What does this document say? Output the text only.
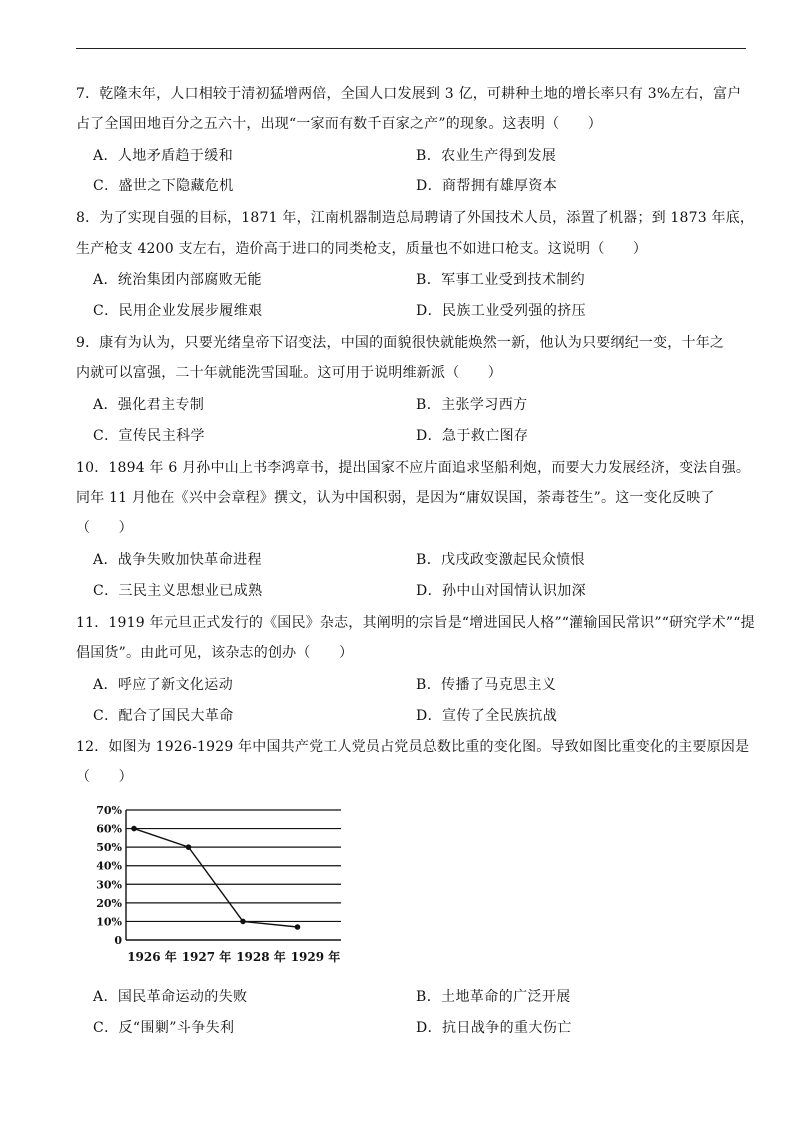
7．乾隆末年，人口相较于清初猛增两倍，全国人口发展到 3 亿，可耕种土地的增长率只有 3%左右，富户
占了全国田地百分之五六十，出现“一家而有数千百家之产”的现象。这表明（　　）
A．人地矛盾趋于缓和	B．农业生产得到发展
C．盛世之下隐藏危机	D．商帮拥有雄厚资本
8．为了实现自强的目标，1871 年，江南机器制造总局聘请了外国技术人员，添置了机器；到 1873 年底，
生产枪支 4200 支左右，造价高于进口的同类枪支，质量也不如进口枪支。这说明（　　）
A．统治集团内部腐败无能	B．军事工业受到技术制约
C．民用企业发展步履维艰	D．民族工业受列强的挤压
9．康有为认为，只要光绪皇帝下诏变法，中国的面貌很快就能焕然一新，他认为只要纲纪一变，十年之
内就可以富强，二十年就能洗雪国耻。这可用于说明维新派（　　）
A．强化君主专制	B．主张学习西方
C．宣传民主科学	D．急于救亡图存
10．1894 年 6 月孙中山上书李鸿章书，提出国家不应片面追求坚船利炮，而要大力发展经济，变法自强。
同年 11 月他在《兴中会章程》撰文，认为中国积弱，是因为“庸奴误国，荼毒苍生”。这一变化反映了
（　　）
A．战争失败加快革命进程	B．戊戌政变激起民众愤恨
C．三民主义思想业已成熟	D．孙中山对国情认识加深
11．1919 年元旦正式发行的《国民》杂志，其阐明的宗旨是“增进国民人格”“灌输国民常识”“研究学术”“提
倡国货”。由此可见，该杂志的创办（　　）
A．呼应了新文化运动	B．传播了马克思主义
C．配合了国民大革命	D．宣传了全民族抗战
12．如图为 1926-1929 年中国共产党工人党员占党员总数比重的变化图。导致如图比重变化的主要原因是
（　　）
0
10%
20%
30%
40%
50%
60%
70%
1926 年 1927 年 1928 年 1929 年
A．国民革命运动的失败	B．土地革命的广泛开展
C．反“围剿”斗争失利	D．抗日战争的重大伤亡
